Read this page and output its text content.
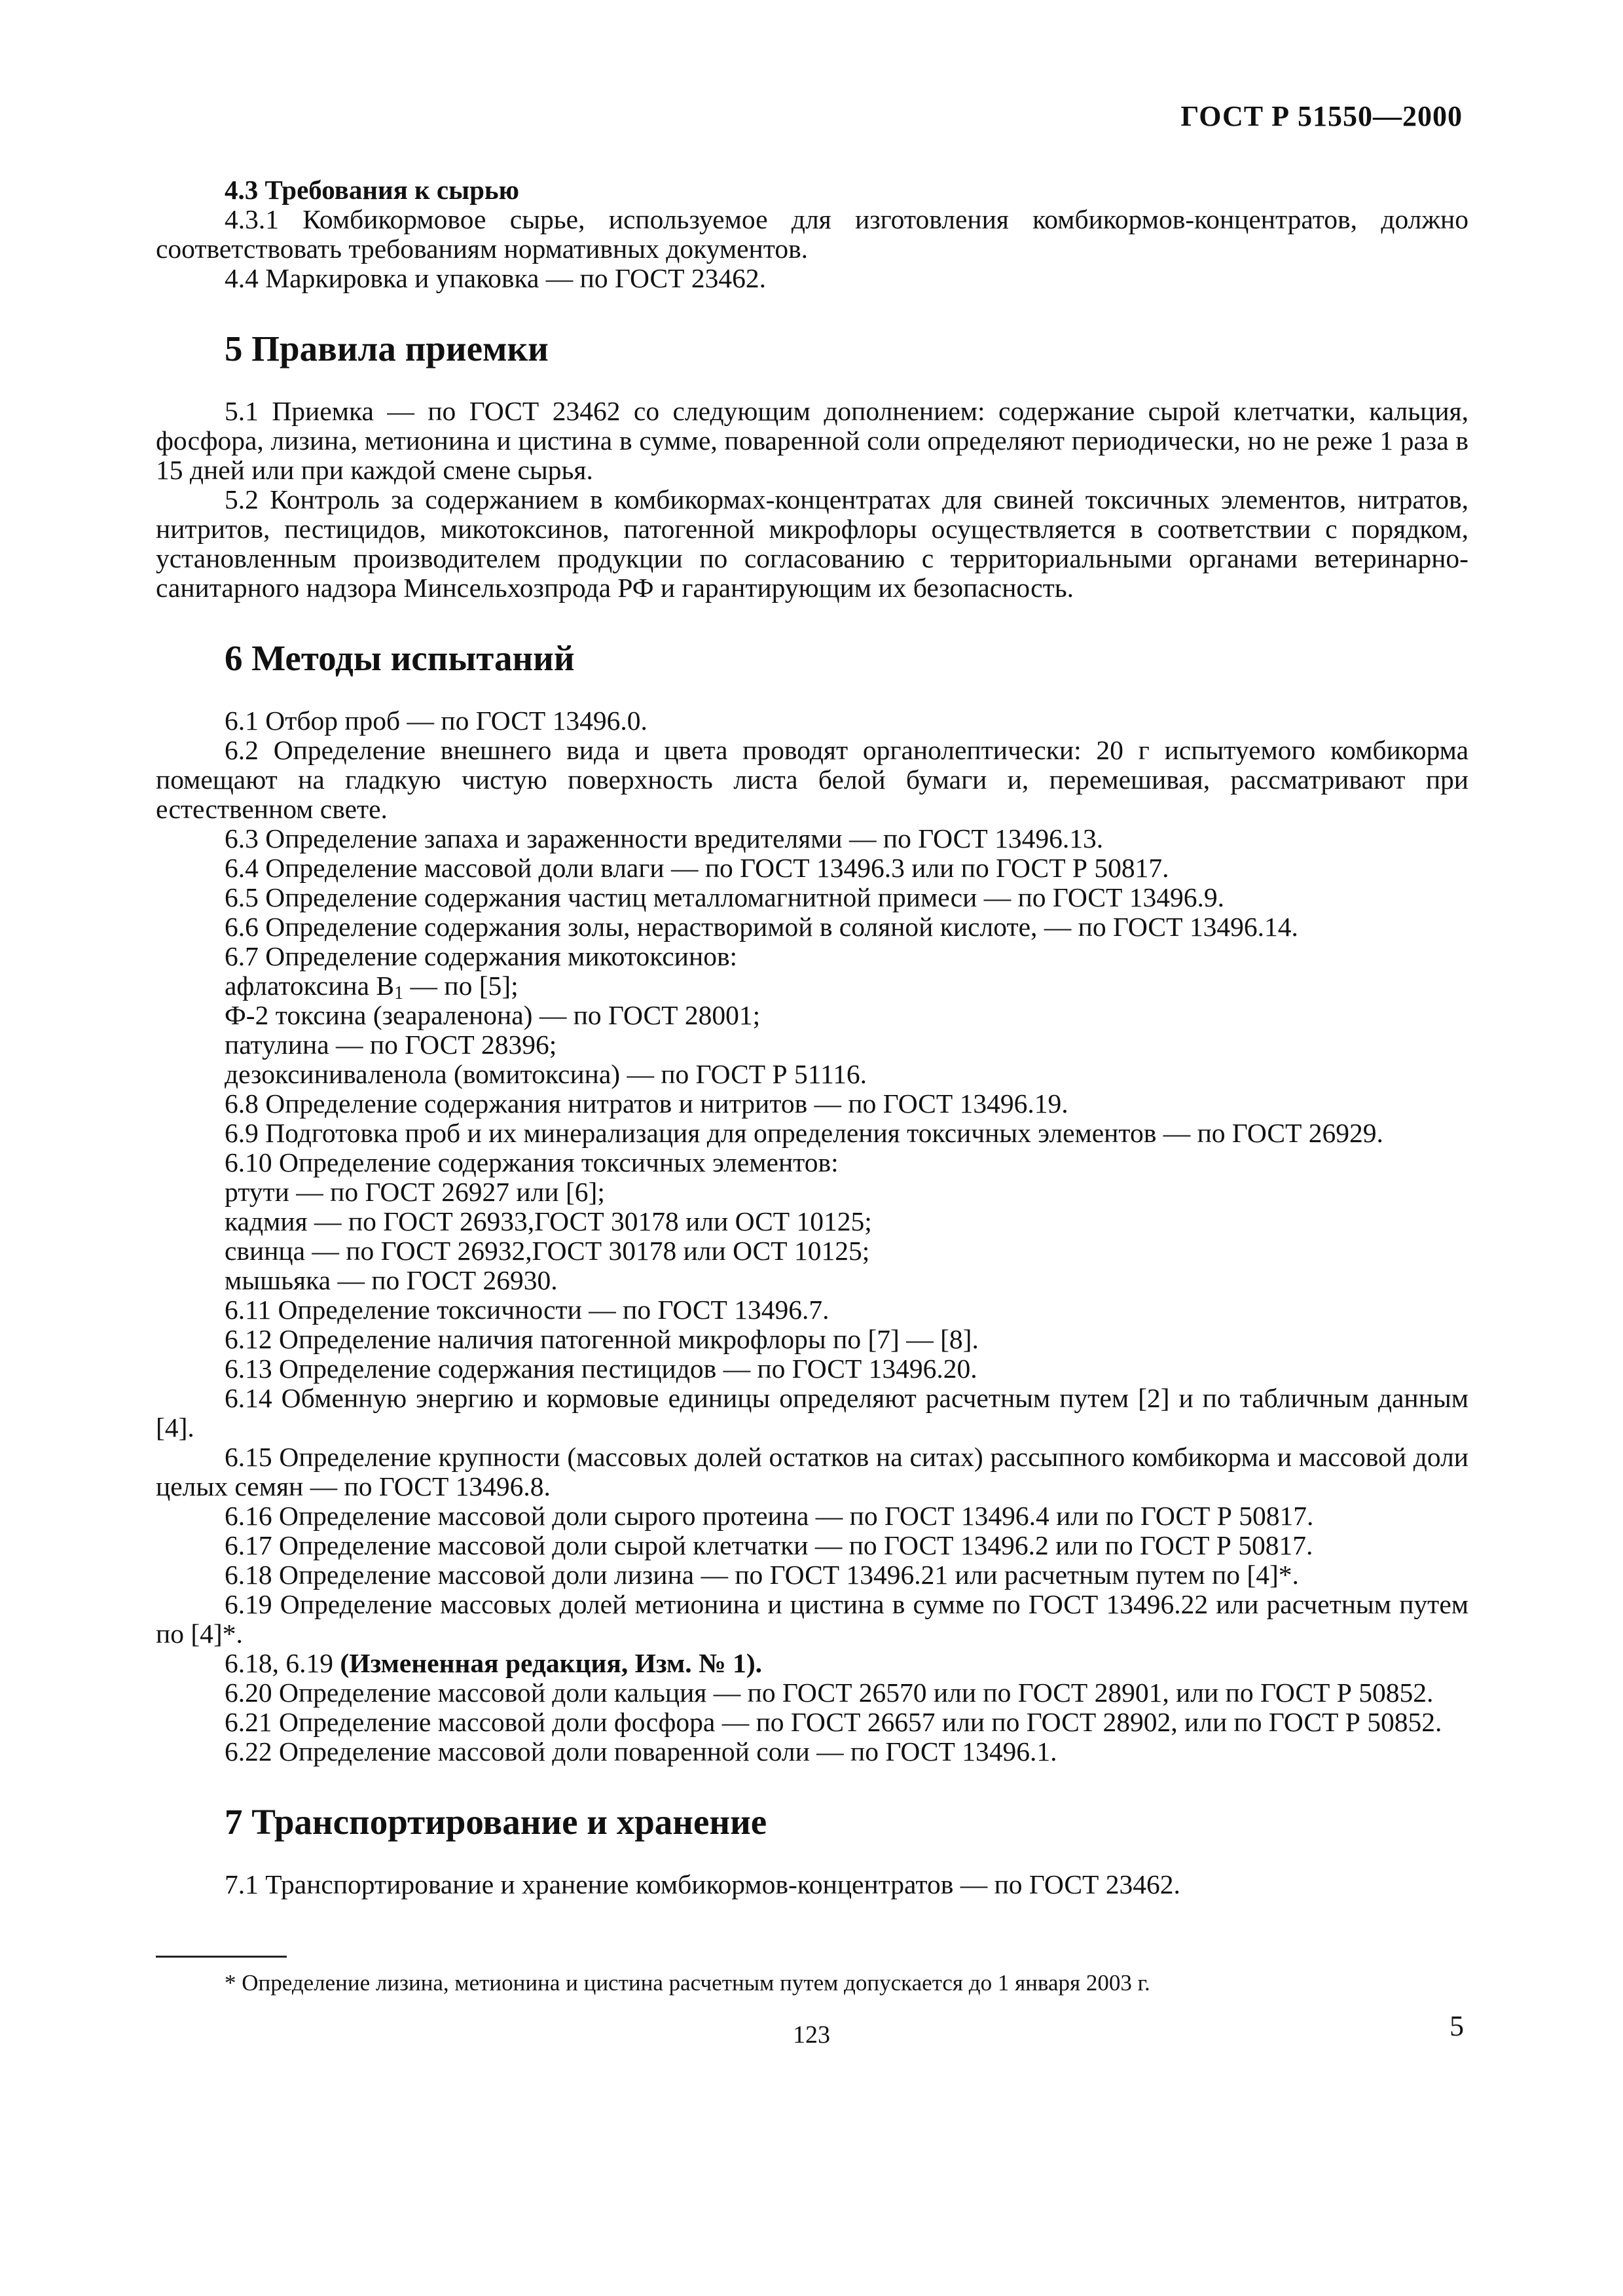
ГОСТ Р 51550—2000
4.3 Требования к сырью

4.3.1 Комбикормовое сырье, используемое для изготовления комбикормов-концентратов, должно соответствовать требованиям нормативных документов.

4.4 Маркировка и упаковка — по ГОСТ 23462.

5 Правила приемки

5.1 Приемка — по ГОСТ 23462 со следующим дополнением: содержание сырой клетчатки, кальция, фосфора, лизина, метионина и цистина в сумме, поваренной соли определяют периодически, но не реже 1 раза в 15 дней или при каждой смене сырья.

5.2 Контроль за содержанием в комбикормах-концентратах для свиней токсичных элементов, нитратов, нитритов, пестицидов, микотоксинов, патогенной микрофлоры осуществляется в соответствии с порядком, установленным производителем продукции по согласованию с территориальными органами ветеринарно-санитарного надзора Минсельхозпрода РФ и гарантирующим их безопасность.

6 Методы испытаний

6.1 Отбор проб — по ГОСТ 13496.0.

6.2 Определение внешнего вида и цвета проводят органолептически: 20 г испытуемого комбикорма помещают на гладкую чистую поверхность листа белой бумаги и, перемешивая, рассматривают при естественном свете.

6.3 Определение запаха и зараженности вредителями — по ГОСТ 13496.13.

6.4 Определение массовой доли влаги — по ГОСТ 13496.3 или по ГОСТ Р 50817.

6.5 Определение содержания частиц металломагнитной примеси — по ГОСТ 13496.9.

6.6 Определение содержания золы, нерастворимой в соляной кислоте, — по ГОСТ 13496.14.

6.7 Определение содержания микотоксинов:

афлатоксина В1 — по [5];

Ф-2 токсина (зеараленона) — по ГОСТ 28001;

патулина — по ГОСТ 28396;

дезоксиниваленола (вомитоксина) — по ГОСТ Р 51116.

6.8 Определение содержания нитратов и нитритов — по ГОСТ 13496.19.

6.9 Подготовка проб и их минерализация для определения токсичных элементов — по ГОСТ 26929.

6.10 Определение содержания токсичных элементов:

ртути — по ГОСТ 26927 или [6];

кадмия — по ГОСТ 26933,ГОСТ 30178 или ОСТ 10125;

свинца — по ГОСТ 26932,ГОСТ 30178 или ОСТ 10125;

мышьяка — по ГОСТ 26930.

6.11 Определение токсичности — по ГОСТ 13496.7.

6.12 Определение наличия патогенной микрофлоры по [7] — [8].

6.13 Определение содержания пестицидов — по ГОСТ 13496.20.

6.14 Обменную энергию и кормовые единицы определяют расчетным путем [2] и по табличным данным [4].

6.15 Определение крупности (массовых долей остатков на ситах) рассыпного комбикорма и массовой доли целых семян — по ГОСТ 13496.8.

6.16 Определение массовой доли сырого протеина — по ГОСТ 13496.4 или по ГОСТ Р 50817.

6.17 Определение массовой доли сырой клетчатки — по ГОСТ 13496.2 или по ГОСТ Р 50817.

6.18 Определение массовой доли лизина — по ГОСТ 13496.21 или расчетным путем по [4]*.

6.19 Определение массовых долей метионина и цистина в сумме по ГОСТ 13496.22 или расчетным путем по [4]*.

6.18, 6.19 (Измененная редакция, Изм. № 1).

6.20 Определение массовой доли кальция — по ГОСТ 26570 или по ГОСТ 28901, или по ГОСТ Р 50852.

6.21 Определение массовой доли фосфора — по ГОСТ 26657 или по ГОСТ 28902, или по ГОСТ Р 50852.

6.22 Определение массовой доли поваренной соли — по ГОСТ 13496.1.

7 Транспортирование и хранение

7.1 Транспортирование и хранение комбикормов-концентратов — по ГОСТ 23462.

* Определение лизина, метионина и цистина расчетным путем допускается до 1 января 2003 г.
123	5
